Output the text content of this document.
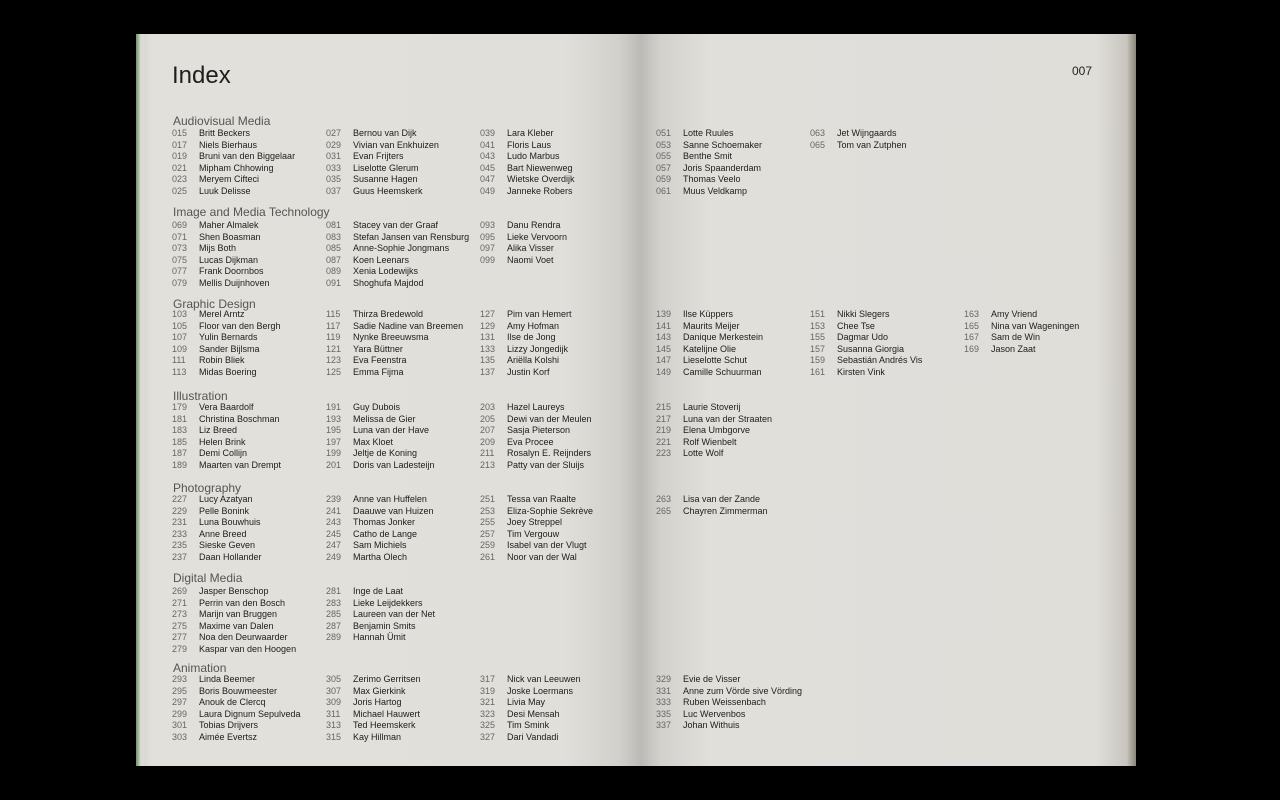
Index
Audiovisual Media
015 Britt Beckers
017 Niels Bierhaus
019 Bruni van den Biggelaar
021 Mipham Chhowing
023 Meryem Cifteci
025 Luuk Delisse
027 Bernou van Dijk
029 Vivian van Enkhuizen
031 Evan Frijters
033 Liselotte Glerum
035 Susanne Hagen
037 Guus Heemskerk
039 Lara Kleber
041 Floris Laus
043 Ludo Marbus
045 Bart Niewenweg
047 Wietske Overdijk
049 Janneke Robers
Image and Media Technology
069 Maher Almalek
071 Shen Boasman
073 Mijs Both
075 Lucas Dijkman
077 Frank Doornbos
079 Mellis Duijnhoven
081 Stacey van der Graaf
083 Stefan Jansen van Rensburg
085 Anne-Sophie Jongmans
087 Koen Leenars
089 Xenia Lodewijks
091 Shoghufa Majdod
093 Danu Rendra
095 Lieke Vervoorn
097 Alika Visser
099 Naomi Voet
Graphic Design
103 Merel Arntz
105 Floor van den Bergh
107 Yulin Bernards
109 Sander Bijlsma
111 Robin Bliek
113 Midas Boering
115 Thirza Bredewold
117 Sadie Nadine van Breemen
119 Nynke Breeuwsma
121 Yara Büttner
123 Eva Feenstra
125 Emma Fijma
127 Pim van Hemert
129 Amy Hofman
131 Ilse de Jong
133 Lizzy Jongedijk
135 Ariëlla Kolshi
137 Justin Korf
Illustration
179 Vera Baardolf
181 Christina Boschman
183 Liz Breed
185 Helen Brink
187 Demi Collijn
189 Maarten van Drempt
191 Guy Dubois
193 Melissa de Gier
195 Luna van der Have
197 Max Kloet
199 Jeltje de Koning
201 Doris van Ladesteijn
203 Hazel Laureys
205 Dewi van der Meulen
207 Sasja Pieterson
209 Eva Procee
211 Rosalyn E. Reijnders
213 Patty van der Sluijs
Photography
227 Lucy Azatyan
229 Pelle Bonink
231 Luna Bouwhuis
233 Anne Breed
235 Sieske Geven
237 Daan Hollander
239 Anne van Huffelen
241 Daauwe van Huizen
243 Thomas Jonker
245 Catho de Lange
247 Sam Michiels
249 Martha Olech
251 Tessa van Raalte
253 Eliza-Sophie Sekrève
255 Joey Streppel
257 Tim Vergouw
259 Isabel van der Vlugt
261 Noor van der Wal
Digital Media
269 Jasper Benschop
271 Perrin van den Bosch
273 Marijn van Bruggen
275 Maxime van Dalen
277 Noa den Deurwaarder
279 Kaspar van den Hoogen
281 Inge de Laat
283 Lieke Leijdekkers
285 Laureen van der Net
287 Benjamin Smits
289 Hannah Ümit
Animation
293 Linda Beemer
295 Boris Bouwmeester
297 Anouk de Clercq
299 Laura Dignum Sepulveda
301 Tobias Drijvers
303 Aimée Evertsz
305 Zerimo Gerritsen
307 Max Gierkink
309 Joris Hartog
311 Michael Hauwert
313 Ted Heemskerk
315 Kay Hillman
317 Nick van Leeuwen
319 Joske Loermans
321 Livia May
323 Desi Mensah
325 Tim Smink
327 Dari Vandadi
007
051 Lotte Ruules
053 Sanne Schoemaker
055 Benthe Smit
057 Joris Spaanderdam
059 Thomas Veelo
061 Muus Veldkamp
063 Jet Wijngaards
065 Tom van Zutphen
139 Ilse Küppers
141 Maurits Meijer
143 Danique Merkestein
145 Katelijne Olie
147 Lieselotte Schut
149 Camille Schuurman
151 Nikki Slegers
153 Chee Tse
155 Dagmar Udo
157 Susanna Giorgia
159 Sebastián Andrés Vis
161 Kirsten Vink
163 Amy Vriend
165 Nina van Wageningen
167 Sam de Win
169 Jason Zaat
215 Laurie Stoverij
217 Luna van der Straaten
219 Elena Umbgorve
221 Rolf Wienbelt
223 Lotte Wolf
263 Lisa van der Zande
265 Chayren Zimmerman
329 Evie de Visser
331 Anne zum Vörde sive Vörding
333 Ruben Weissenbach
335 Luc Wervenbos
337 Johan Withuis
